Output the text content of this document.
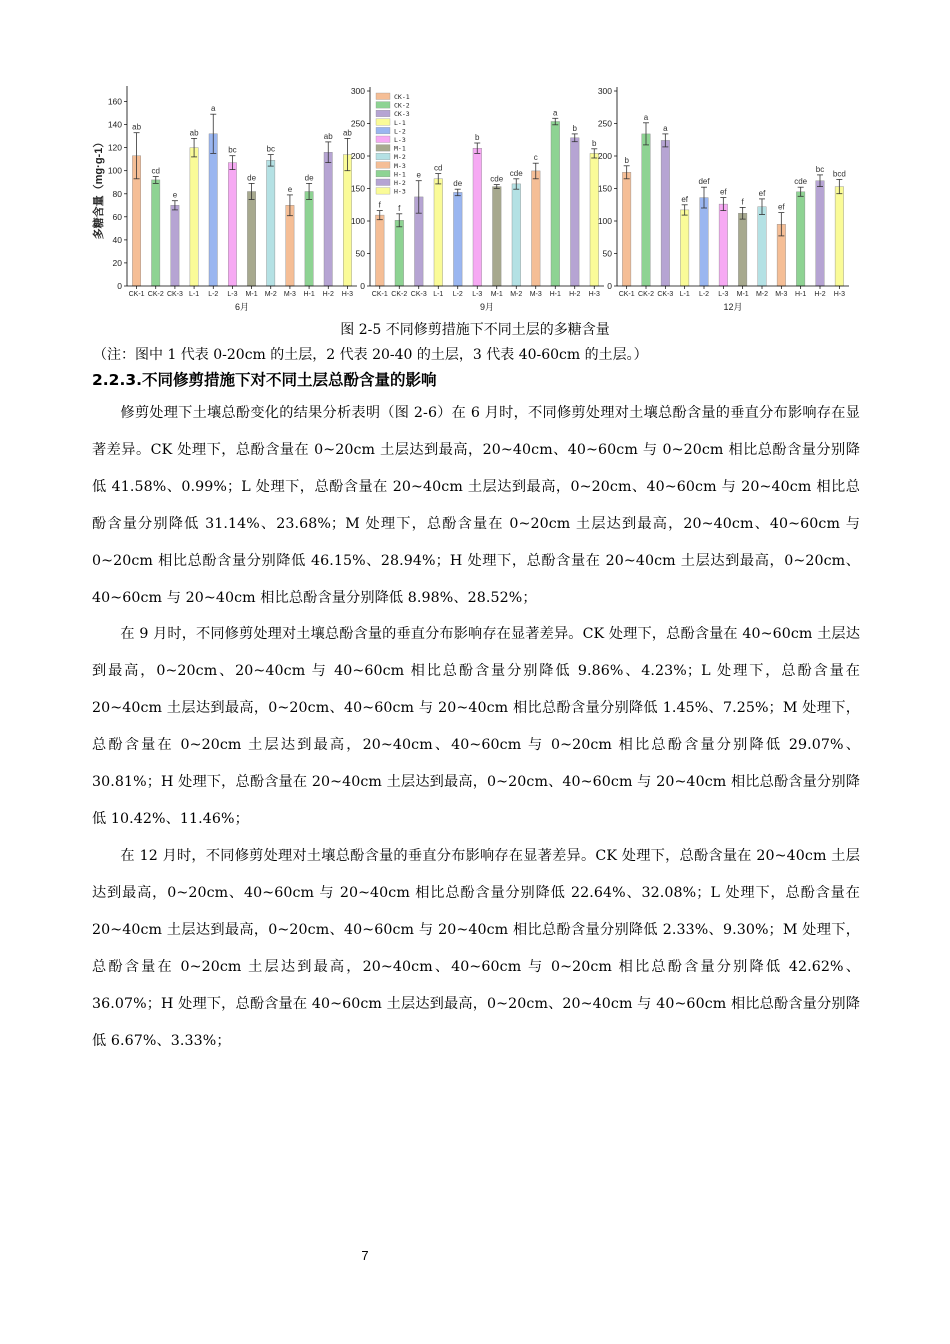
ab
CK-1
cd
CK-2
e
CK-3
ab
L-1
a
L-2
bc
L-3
de
M-1
bc
M-2
e
M-3
de
H-1
ab
H-2
ab
H-3
0
20
40
60
80
100
120
140
160
6月
多糖含量（mg·g-1）	f
CK-1
f
CK-2
e
CK-3
cd
L-1
de
L-2
b
L-3
cde
M-1
cde
M-2
c
M-3
a
H-1
b
H-2
b
H-3
0
50
100
150
200
250
300
9月
CK-1
CK-2
CK-3
L-1
L-2
L-3
M-1
M-2
M-3
H-1
H-2
H-3
b
CK-1
a
CK-2
a
CK-3
ef
L-1
def
L-2
ef
L-3
f
M-1
ef
M-2
ef
M-3
cde
H-1
bc
H-2
bcd
H-3
0
50
100
150
200
250
300
12月
图 2-5 不同修剪措施下不同土层的多糖含量
（注：图中 1 代表 0-20cm 的土层，2 代表 20-40 的土层，3 代表 40-60cm 的土层。）
2.2.3.不同修剪措施下对不同土层总酚含量的影响

修剪处理下土壤总酚变化的结果分析表明（图 2-6）在 6 月时，不同修剪处理对土壤总酚含量的垂直分布影响存在显著差异。CK 处理下，总酚含量在 0~20cm 土层达到最高，20~40cm、40~60cm 与 0~20cm 相比总酚含量分别降低 41.58%、0.99%；L 处理下，总酚含量在 20~40cm 土层达到最高，0~20cm、40~60cm 与 20~40cm 相比总酚含量分别降低 31.14%、23.68%；M 处理下，总酚含量在 0~20cm 土层达到最高，20~40cm、40~60cm 与 0~20cm 相比总酚含量分别降低 46.15%、28.94%；H 处理下，总酚含量在 20~40cm 土层达到最高，0~20cm、40~60cm 与 20~40cm 相比总酚含量分别降低 8.98%、28.52%；

在 9 月时，不同修剪处理对土壤总酚含量的垂直分布影响存在显著差异。CK 处理下，总酚含量在 40~60cm 土层达到最高，0~20cm、20~40cm 与 40~60cm 相比总酚含量分别降低 9.86%、4.23%；L 处理下，总酚含量在 20~40cm 土层达到最高，0~20cm、40~60cm 与 20~40cm 相比总酚含量分别降低 1.45%、7.25%；M 处理下，总酚含量在 0~20cm 土层达到最高，20~40cm、40~60cm 与 0~20cm 相比总酚含量分别降低 29.07%、30.81%；H 处理下，总酚含量在 20~40cm 土层达到最高，0~20cm、40~60cm 与 20~40cm 相比总酚含量分别降低 10.42%、11.46%；

在 12 月时，不同修剪处理对土壤总酚含量的垂直分布影响存在显著差异。CK 处理下，总酚含量在 20~40cm 土层达到最高，0~20cm、40~60cm 与 20~40cm 相比总酚含量分别降低 22.64%、32.08%；L 处理下，总酚含量在 20~40cm 土层达到最高，0~20cm、40~60cm 与 20~40cm 相比总酚含量分别降低 2.33%、9.30%；M 处理下，总酚含量在 0~20cm 土层达到最高，20~40cm、40~60cm 与 0~20cm 相比总酚含量分别降低 42.62%、36.07%；H 处理下，总酚含量在 40~60cm 土层达到最高，0~20cm、20~40cm 与 40~60cm 相比总酚含量分别降低 6.67%、3.33%；

7
